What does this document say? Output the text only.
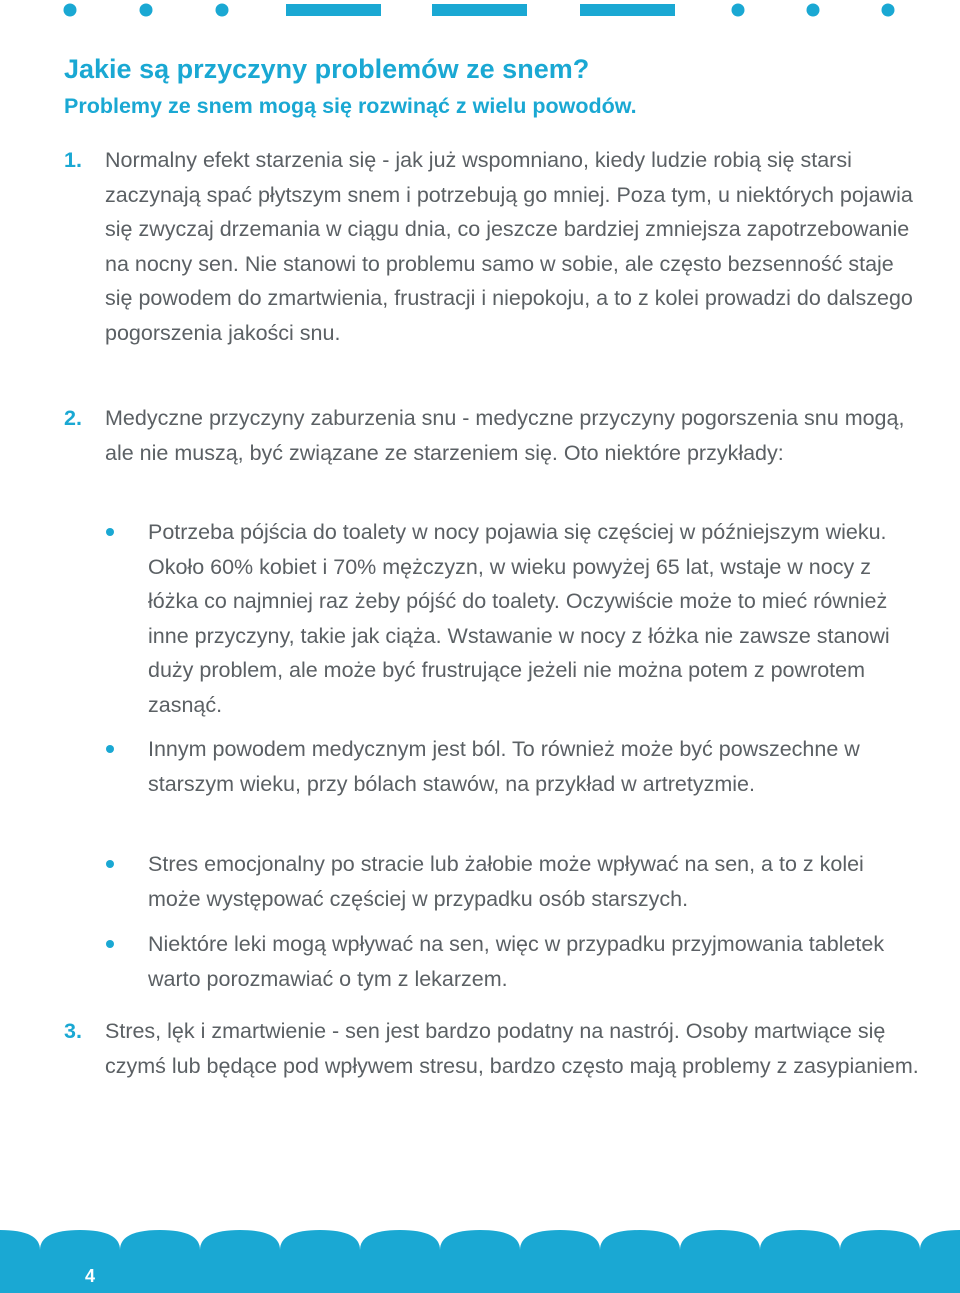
Jakie są przyczyny problemów ze snem?
Problemy ze snem mogą się rozwinąć z wielu powodów.

1. Normalny efekt starzenia się - jak już wspomniano, kiedy ludzie robią się starsi zaczynają spać płytszym snem i potrzebują go mniej. Poza tym, u niektórych pojawia się zwyczaj drzemania w ciągu dnia, co jeszcze bardziej zmniejsza zapotrzebowanie na nocny sen. Nie stanowi to problemu samo w sobie, ale często bezsenność staje się powodem do zmartwienia, frustracji i niepokoju, a to z kolei prowadzi do dalszego pogorszenia jakości snu.

2. Medyczne przyczyny zaburzenia snu - medyczne przyczyny pogorszenia snu mogą, ale nie muszą, być związane ze starzeniem się. Oto niektóre przykłady:

Potrzeba pójścia do toalety w nocy pojawia się częściej w późniejszym wieku. Około 60% kobiet i 70% mężczyzn, w wieku powyżej 65 lat, wstaje w nocy z łóżka co najmniej raz żeby pójść do toalety. Oczywiście może to mieć również inne przyczyny, takie jak ciąża. Wstawanie w nocy z łóżka nie zawsze stanowi duży problem, ale może być frustrujące jeżeli nie można potem z powrotem zasnąć.

Innym powodem medycznym jest ból. To również może być powszechne w starszym wieku, przy bólach stawów, na przykład w artretyzmie.

Stres emocjonalny po stracie lub żałobie może wpływać na sen, a to z kolei może występować częściej w przypadku osób starszych.

Niektóre leki mogą wpływać na sen, więc w przypadku przyjmowania tabletek warto porozmawiać o tym z lekarzem.

3. Stres, lęk i zmartwienie - sen jest bardzo podatny na nastrój. Osoby martwiące się czymś lub będące pod wpływem stresu, bardzo często mają problemy z zasypianiem.

4
